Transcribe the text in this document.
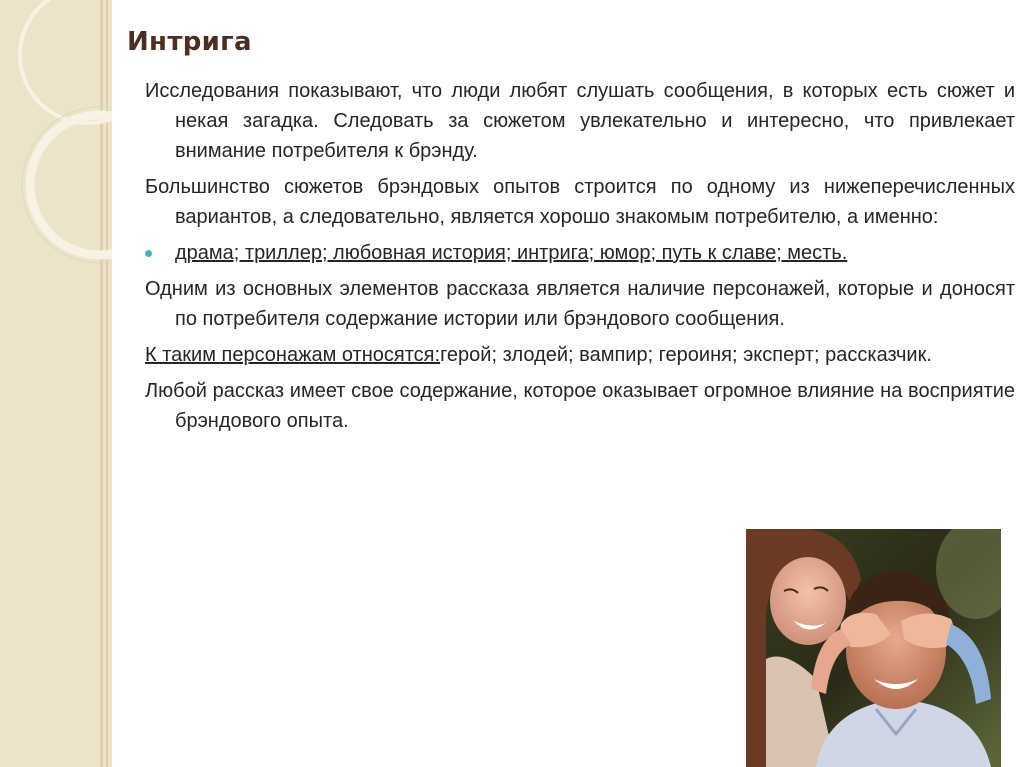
Интрига

Исследования показывают, что люди любят слушать сообщения, в которых есть сюжет и некая загадка. Следовать за сюжетом увлекательно и интересно, что привлекает внимание потребителя к брэнду.

Большинство сюжетов брэндовых опытов строится по одному из нижеперечисленных вариантов, а следовательно, является хорошо знакомым потребителю, а именно:

драма; триллер; любовная история; интрига; юмор; путь к славе; месть.

Одним из основных элементов рассказа является наличие персонажей, которые и доносят по потребителя содержание истории или брэндового сообщения.

К таким персонажам относятся:герой; злодей; вампир; героиня; эксперт; рассказчик.

Любой рассказ имеет свое содержание, которое оказывает огромное влияние на восприятие брэндового опыта.
